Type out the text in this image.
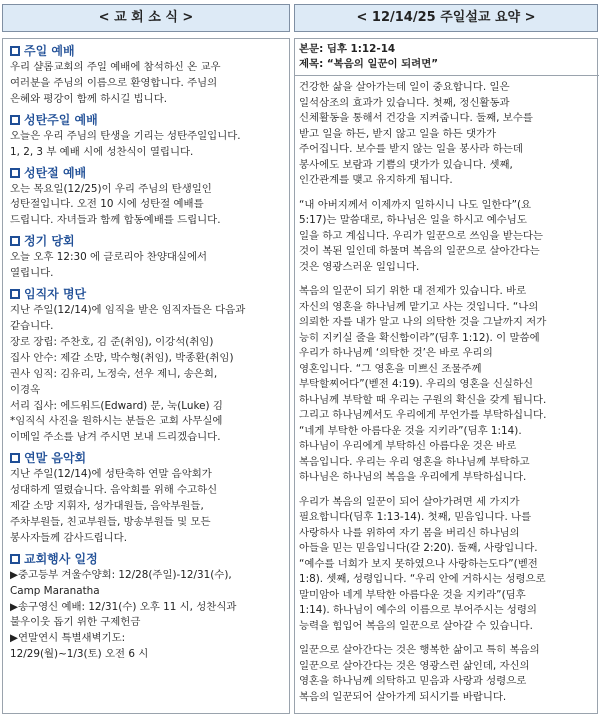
< 교 회 소 식 >	< 12/14/25 주일설교 요약 >
주일 예배
우리 샬롬교회의 주일 예배에 참석하신 온 교우
여러분을 주님의 이름으로 환영합니다. 주님의
은혜와 평강이 함께 하시길 빕니다.
성탄주일 예배
오늘은 우리 주님의 탄생을 기리는 성탄주일입니다.
1, 2, 3 부 예배 시에 성찬식이 열립니다.
성탄절 예배
오는 목요일(12/25)이 우리 주님의 탄생일인
성탄절입니다. 오전 10 시에 성탄절 예배를
드립니다. 자녀들과 함께 합동예배를 드립니다.
정기 당회
오늘 오후 12:30 에 글로리아 찬양대실에서
열립니다.
임직자 명단
지난 주일(12/14)에 임직을 받은 임직자들은 다음과
같습니다.
장로 장립: 주찬호, 김 준(취임), 이강석(취임)
집사 안수: 제갈 소망, 박수형(취임), 박종환(취임)
권사 임직: 김유리, 노정숙, 선우 제니, 송은희,
이경옥
서리 집사: 에드워드(Edward) 문, 눅(Luke) 김
*임직식 사진을 원하시는 분들은 교회 사무실에
이메일 주소를 남겨 주시면 보내 드리겠습니다.
연말 음악회
지난 주일(12/14)에 성탄축하 연말 음악회가
성대하게 열렸습니다. 음악회를 위해 수고하신
제갈 소망 지휘자, 성가대원들, 음악부원들,
주차부원들, 친교부원들, 방송부원들 및 모든
봉사자들께 감사드립니다.
교회행사 일정
▶중고등부 겨울수양회: 12/28(주일)-12/31(수),
Camp Maranatha
▶송구영신 예배: 12/31(수) 오후 11 시, 성찬식과
불우이웃 돕기 위한 구제헌금
▶연말연시 특별새벽기도:
12/29(월)~1/3(토) 오전 6 시
본문: 딤후 1:12-14
제목: “복음의 일꾼이 되려면”
건강한 삶을 살아가는데 일이 중요합니다. 일은
일석삼조의 효과가 있습니다. 첫째, 정신활동과
신체활동을 통해서 건강을 지켜줍니다. 둘째, 보수를
받고 일을 하든, 받지 않고 일을 하든 댓가가
주어집니다. 보수를 받지 않는 일을 봉사라 하는데
봉사에도 보람과 기쁨의 댓가가 있습니다. 셋째,
인간관계를 맺고 유지하게 됩니다.
“내 아버지께서 이제까지 일하시니 나도 일한다”(요
5:17)는 말씀대로, 하나님은 일을 하시고 예수님도
일을 하고 계십니다. 우리가 일꾼으로 쓰임을 받는다는
것이 복된 일인데 하물며 복음의 일꾼으로 살아간다는
것은 영광스러운 일입니다.
복음의 일꾼이 되기 위한 대 전제가 있습니다. 바로
자신의 영혼을 하나님께 맡기고 사는 것입니다. “나의
의뢰한 자를 내가 알고 나의 의탁한 것을 그날까지 저가
능히 지키실 줄을 확신함이라”(딤후 1:12). 이 말씀에
우리가 하나님께 ‘의탁한 것’은 바로 우리의
영혼입니다. “그 영혼을 미쁘신 조물주께
부탁할찌어다”(벧전 4:19). 우리의 영혼을 신실하신
하나님께 부탁할 때 우리는 구원의 확신을 갖게 됩니다.
그리고 하나님께서도 우리에게 무언가를 부탁하십니다.
“네게 부탁한 아름다운 것을 지키라”(딤후 1:14).
하나님이 우리에게 부탁하신 아름다운 것은 바로
복음입니다. 우리는 우리 영혼을 하나님께 부탁하고
하나님은 하나님의 복음을 우리에게 부탁하십니다.
우리가 복음의 일꾼이 되어 살아가려면 세 가지가
필요합니다(딤후 1:13-14). 첫째, 믿음입니다. 나를
사랑하사 나를 위하여 자기 몸을 버리신 하나님의
아들을 믿는 믿음입니다(갈 2:20). 둘째, 사랑입니다.
“예수를 너희가 보지 못하였으나 사랑하는도다”(벧전
1:8). 셋째, 성령입니다. “우리 안에 거하시는 성령으로
말미암아 네게 부탁한 아름다운 것을 지키라”(딤후
1:14). 하나님이 예수의 이름으로 부어주시는 성령의
능력을 힘입어 복음의 일꾼으로 살아갈 수 있습니다.
일꾼으로 살아간다는 것은 행복한 삶이고 특히 복음의
일꾼으로 살아간다는 것은 영광스런 삶인데, 자신의
영혼을 하나님께 의탁하고 믿음과 사랑과 성령으로
복음의 일꾼되어 살아가게 되시기를 바랍니다.
